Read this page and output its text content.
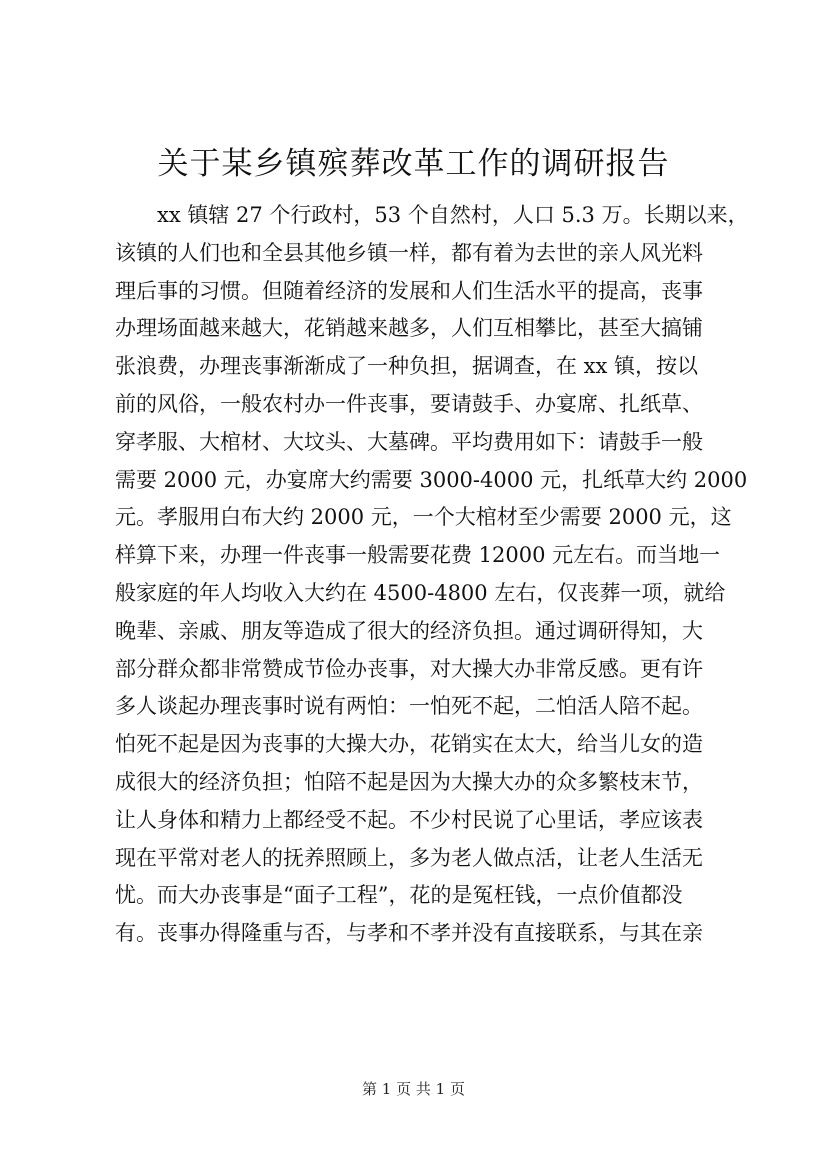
关于某乡镇殡葬改革工作的调研报告
　　xx 镇辖 27 个行政村，53 个自然村，人口 5.3 万。长期以来，
该镇的人们也和全县其他乡镇一样，都有着为去世的亲人风光料
理后事的习惯。但随着经济的发展和人们生活水平的提高，丧事
办理场面越来越大，花销越来越多，人们互相攀比，甚至大搞铺
张浪费，办理丧事渐渐成了一种负担，据调查，在 xx 镇，按以
前的风俗，一般农村办一件丧事，要请鼓手、办宴席、扎纸草、
穿孝服、大棺材、大坟头、大墓碑。平均费用如下：请鼓手一般
需要 2000 元，办宴席大约需要 3000-4000 元，扎纸草大约 2000
元。孝服用白布大约 2000 元，一个大棺材至少需要 2000 元，这
样算下来，办理一件丧事一般需要花费 12000 元左右。而当地一
般家庭的年人均收入大约在 4500-4800 左右，仅丧葬一项，就给
晚辈、亲戚、朋友等造成了很大的经济负担。通过调研得知，大
部分群众都非常赞成节俭办丧事，对大操大办非常反感。更有许
多人谈起办理丧事时说有两怕：一怕死不起，二怕活人陪不起。
怕死不起是因为丧事的大操大办，花销实在太大，给当儿女的造
成很大的经济负担；怕陪不起是因为大操大办的众多繁枝末节，
让人身体和精力上都经受不起。不少村民说了心里话，孝应该表
现在平常对老人的抚养照顾上，多为老人做点活，让老人生活无
忧。而大办丧事是“面子工程”，花的是冤枉钱，一点价值都没
有。丧事办得隆重与否，与孝和不孝并没有直接联系，与其在亲
第 1 页 共 1 页
